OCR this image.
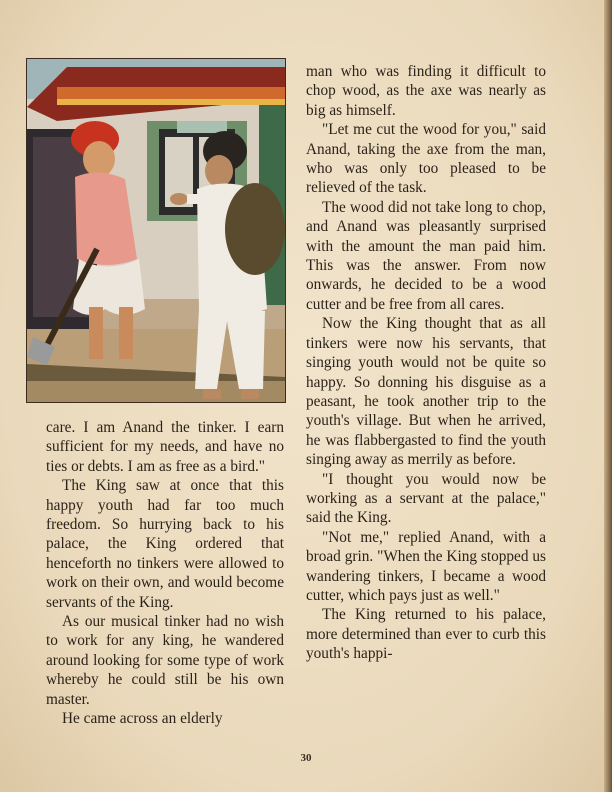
care. I am Anand the tinker. I earn sufficient for my needs, and have no ties or debts. I am as free as a bird."

The King saw at once that this happy youth had far too much freedom. So hurrying back to his palace, the King ordered that henceforth no tinkers were allowed to work on their own, and would become servants of the King.

As our musical tinker had no wish to work for any king, he wandered around looking for some type of work whereby he could still be his own master.

He came across an elderly

man who was finding it difficult to chop wood, as the axe was nearly as big as himself.

"Let me cut the wood for you," said Anand, taking the axe from the man, who was only too pleased to be relieved of the task.

The wood did not take long to chop, and Anand was pleasantly surprised with the amount the man paid him. This was the answer. From now onwards, he decided to be a wood cutter and be free from all cares.

Now the King thought that as all tinkers were now his servants, that singing youth would not be quite so happy. So donning his disguise as a peasant, he took another trip to the youth's village. But when he arrived, he was flabbergasted to find the youth singing away as merrily as before.

"I thought you would now be working as a servant at the palace," said the King.

"Not me," replied Anand, with a broad grin. "When the King stopped us wandering tinkers, I became a wood cutter, which pays just as well."

The King returned to his palace, more determined than ever to curb this youth's happi-

30
